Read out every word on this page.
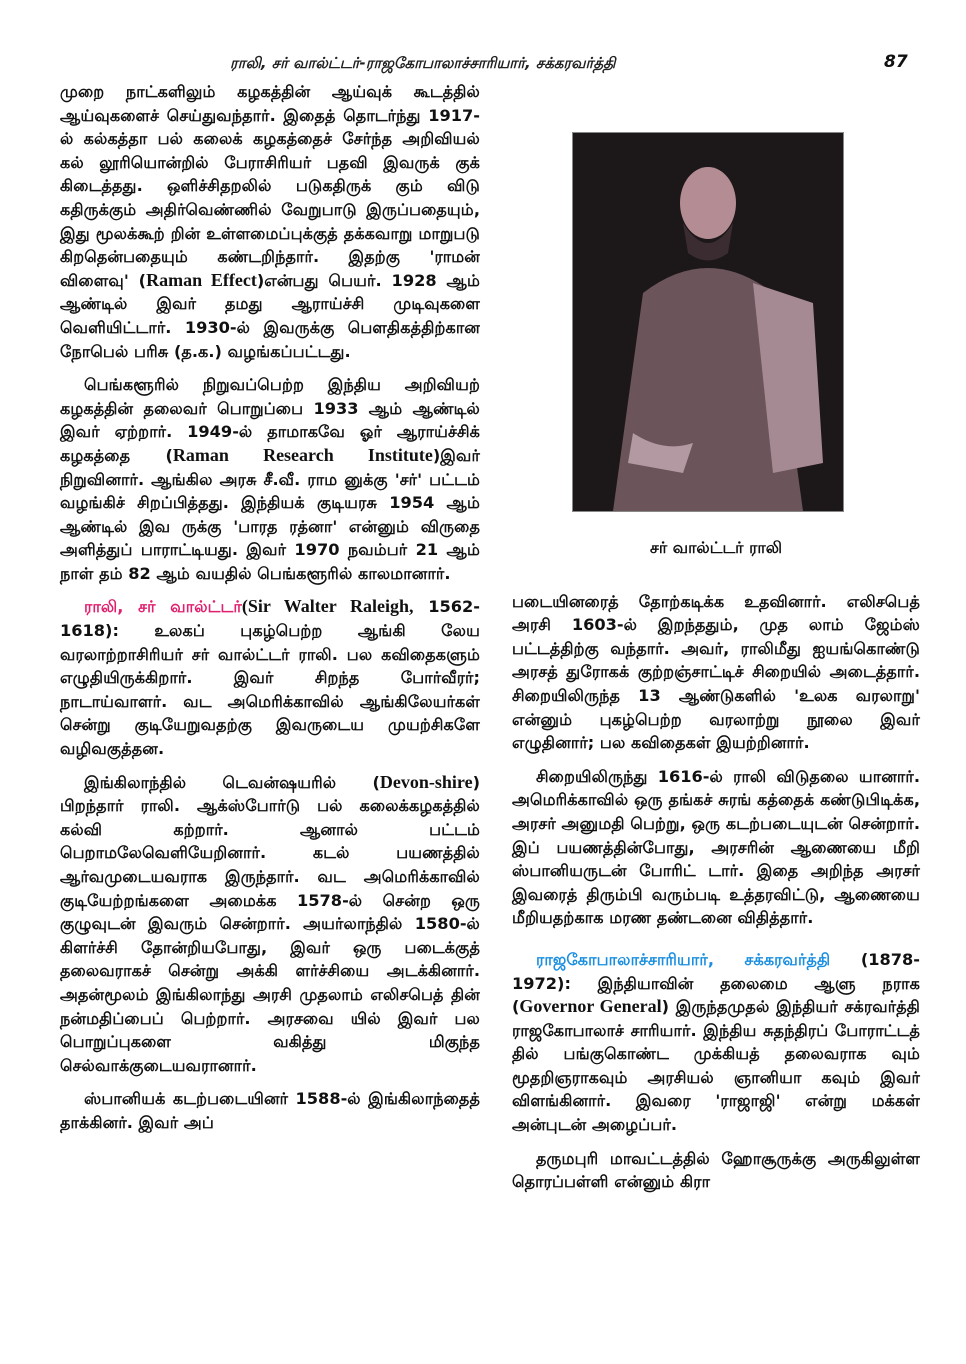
ராலி, சர் வால்ட்டர்-ராஜகோபாலாச்சாரியார், சக்கரவர்த்தி	87

முறை நாட்களிலும் கழகத்தின் ஆய்வுக் கூடத்தில் ஆய்வுகளைச் செய்துவந்தார். இதைத் தொடர்ந்து 1917-ல் கல்கத்தா பல் கலைக் கழகத்தைச் சேர்ந்த அறிவியல் கல் லூரியொன்றில் பேராசிரியர் பதவி இவருக் குக் கிடைத்தது. ஒளிச்சிதறலில் படுகதிருக் கும் விடு கதிருக்கும் அதிர்வெண்ணில் வேறுபாடு இருப்பதையும், இது மூலக்கூற் றின் உள்ளமைப்புக்குத் தக்கவாறு மாறுபடு கிறதென்பதையும் கண்டறிந்தார். இதற்கு 'ராமன் விளைவு' (Raman Effect)என்பது பெயர். 1928 ஆம் ஆண்டில் இவர் தமது ஆராய்ச்சி முடிவுகளை வெளியிட்டார். 1930-ல் இவருக்கு பௌதிகத்திற்கான நோபெல் பரிசு (த.க.) வழங்கப்பட்டது.

பெங்களூரில் நிறுவப்பெற்ற இந்திய அறிவியற் கழகத்தின் தலைவர் பொறுப்பை 1933 ஆம் ஆண்டில் இவர் ஏற்றார். 1949-ல் தாமாகவே ஓர் ஆராய்ச்சிக் கழகத்தை (Raman Research Institute)இவர் நிறுவினார். ஆங்கில அரசு சீ.வீ. ராம னுக்கு 'சர்' பட்டம் வழங்கிச் சிறப்பித்தது. இந்தியக் குடியரசு 1954 ஆம் ஆண்டில் இவ ருக்கு 'பாரத ரத்னா' என்னும் விருதை அளித்துப் பாராட்டியது. இவர் 1970 நவம்பர் 21 ஆம் நாள் தம் 82 ஆம் வயதில் பெங்களூரில் காலமானார்.

ராலி, சர் வால்ட்டர்(Sir Walter Raleigh, 1562-1618): உலகப் புகழ்பெற்ற ஆங்கி லேய வரலாற்றாசிரியர் சர் வால்ட்டர் ராலி. பல கவிதைகளும் எழுதியிருக்கிறார். இவர் சிறந்த போர்வீரர்; நாடாய்வாளர். வட அமெரிக்காவில் ஆங்கிலேயர்கள் சென்று குடியேறுவதற்கு இவருடைய முயற்சிகளே வழிவகுத்தன.

இங்கிலாந்தில் டெவன்ஷயரில் (Devon-shire) பிறந்தார் ராலி. ஆக்ஸ்போர்டு பல் கலைக்கழகத்தில் கல்வி கற்றார். ஆனால் பட்டம் பெறாமலேவெளியேறினார். கடல் பயணத்தில் ஆர்வமுடையவராக இருந்தார். வட அமெரிக்காவில் குடியேற்றங்களை அமைக்க 1578-ல் சென்ற ஒரு குழுவுடன் இவரும் சென்றார். அயர்லாந்தில் 1580-ல் கிளர்ச்சி தோன்றியபோது, இவர் ஒரு படைக்குத் தலைவராகச் சென்று அக்கி ளர்ச்சியை அடக்கினார். அதன்மூலம் இங்கிலாந்து அரசி முதலாம் எலிசபெத் தின் நன்மதிப்பைப் பெற்றார். அரசவை யில் இவர் பல பொறுப்புகளை வகித்து மிகுந்த செல்வாக்குடையவரானார்.

ஸ்பானியக் கடற்படையினர் 1588-ல் இங்கிலாந்தைத் தாக்கினர். இவர் அப்

சர் வால்ட்டர் ராலி

படையினரைத் தோற்கடிக்க உதவினார். எலிசபெத் அரசி 1603-ல் இறந்ததும், முத லாம் ஜேம்ஸ் பட்டத்திற்கு வந்தார். அவர், ராலிமீது ஐயங்கொண்டு அரசத் துரோகக் குற்றஞ்சாட்டிச் சிறையில் அடைத்தார். சிறையிலிருந்த 13 ஆண்டுகளில் 'உலக வரலாறு' என்னும் புகழ்பெற்ற வரலாற்று நூலை இவர் எழுதினார்; பல கவிதைகள் இயற்றினார்.

சிறையிலிருந்து 1616-ல் ராலி விடுதலை யானார். அமெரிக்காவில் ஒரு தங்கச் சுரங் கத்தைக் கண்டுபிடிக்க, அரசர் அனுமதி பெற்று, ஒரு கடற்படையுடன் சென்றார். இப் பயணத்தின்போது, அரசரின் ஆணையை மீறி ஸ்பானியருடன் போரிட் டார். இதை அறிந்த அரசர் இவரைத் திரும்பி வரும்படி உத்தரவிட்டு, ஆணையை மீறியதற்காக மரண தண்டனை விதித்தார்.

ராஜகோபாலாச்சாரியார், சக்கரவர்த்தி (1878-1972): இந்தியாவின் தலைமை ஆளு நராக (Governor General) இருந்தமுதல் இந்தியர் சக்ரவர்த்தி ராஜகோபாலாச் சாரியார். இந்திய சுதந்திரப் போராட்டத் தில் பங்குகொண்ட முக்கியத் தலைவராக வும் மூதறிஞராகவும் அரசியல் ஞானியா கவும் இவர் விளங்கினார். இவரை 'ராஜாஜி' என்று மக்கள் அன்புடன் அழைப்பர்.

தருமபுரி மாவட்டத்தில் ஹோசூருக்கு அருகிலுள்ள தொரப்பள்ளி என்னும் கிரா
